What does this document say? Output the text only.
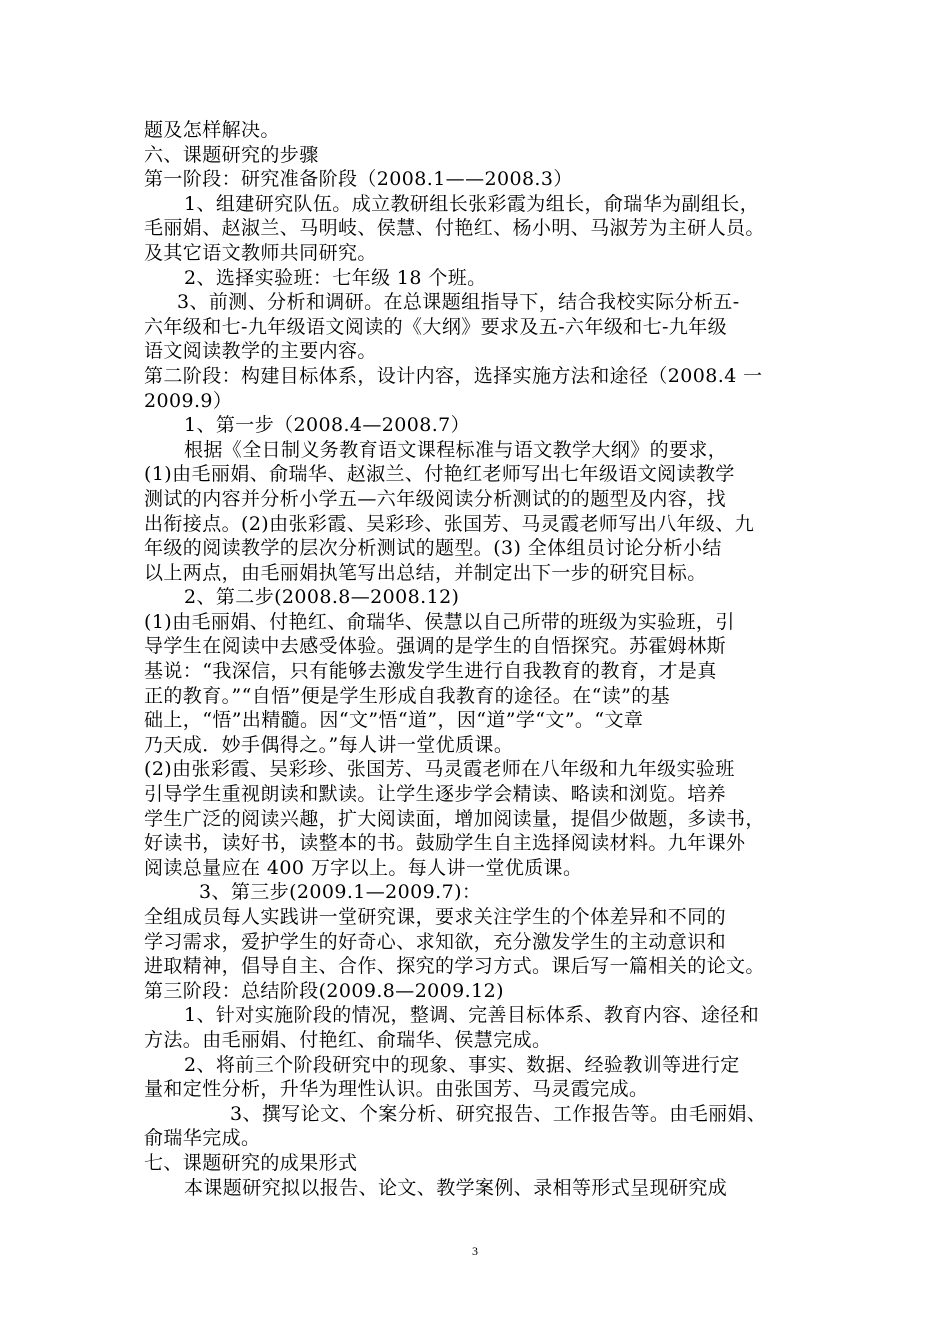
题及怎样解决。
六、课题研究的步骤
第一阶段：研究准备阶段（2008.1——2008.3）
1、组建研究队伍。成立教研组长张彩霞为组长，俞瑞华为副组长，
毛丽娟、赵淑兰、马明岐、侯慧、付艳红、杨小明、马淑芳为主研人员。
及其它语文教师共同研究。
2、选择实验班：七年级 18 个班。
3、前测、分析和调研。在总课题组指导下，结合我校实际分析五-
六年级和七-九年级语文阅读的《大纲》要求及五-六年级和七-九年级
语文阅读教学的主要内容。
第二阶段：构建目标体系，设计内容，选择实施方法和途径（2008.4 一
2009.9）
1、第一步（2008.4—2008.7）
根据《全日制义务教育语文课程标准与语文教学大纲》的要求，
(1)由毛丽娟、俞瑞华、赵淑兰、付艳红老师写出七年级语文阅读教学
测试的内容并分析小学五—六年级阅读分析测试的的题型及内容，找
出衔接点。(2)由张彩霞、吴彩珍、张国芳、马灵霞老师写出八年级、九
年级的阅读教学的层次分析测试的题型。(3) 全体组员讨论分析小结
以上两点，由毛丽娟执笔写出总结，并制定出下一步的研究目标。
2、第二步(2008.8—2008.12)
(1)由毛丽娟、付艳红、俞瑞华、侯慧以自己所带的班级为实验班，引
导学生在阅读中去感受体验。强调的是学生的自悟探究。苏霍姆林斯
基说：“我深信，只有能够去激发学生进行自我教育的教育，才是真
正的教育。”“自悟”便是学生形成自我教育的途径。在“读”的基
础上，“悟”出精髓。因“文”悟“道”，因“道”学“文”。“文章
乃天成．妙手偶得之。”每人讲一堂优质课。
(2)由张彩霞、吴彩珍、张国芳、马灵霞老师在八年级和九年级实验班
引导学生重视朗读和默读。让学生逐步学会精读、略读和浏览。培养
学生广泛的阅读兴趣，扩大阅读面，增加阅读量，提倡少做题，多读书，
好读书，读好书，读整本的书。鼓励学生自主选择阅读材料。九年课外
阅读总量应在 400 万字以上。每人讲一堂优质课。
3、第三步(2009.1—2009.7)：
全组成员每人实践讲一堂研究课，要求关注学生的个体差异和不同的
学习需求，爱护学生的好奇心、求知欲，充分激发学生的主动意识和
进取精神，倡导自主、合作、探究的学习方式。课后写一篇相关的论文。
第三阶段：总结阶段(2009.8—2009.12)
1、针对实施阶段的情况，整调、完善目标体系、教育内容、途径和
方法。由毛丽娟、付艳红、俞瑞华、侯慧完成。
2、将前三个阶段研究中的现象、事实、数据、经验教训等进行定
量和定性分析，升华为理性认识。由张国芳、马灵霞完成。
3、撰写论文、个案分析、研究报告、工作报告等。由毛丽娟、
俞瑞华完成。
七、课题研究的成果形式
本课题研究拟以报告、论文、教学案例、录相等形式呈现研究成
3
